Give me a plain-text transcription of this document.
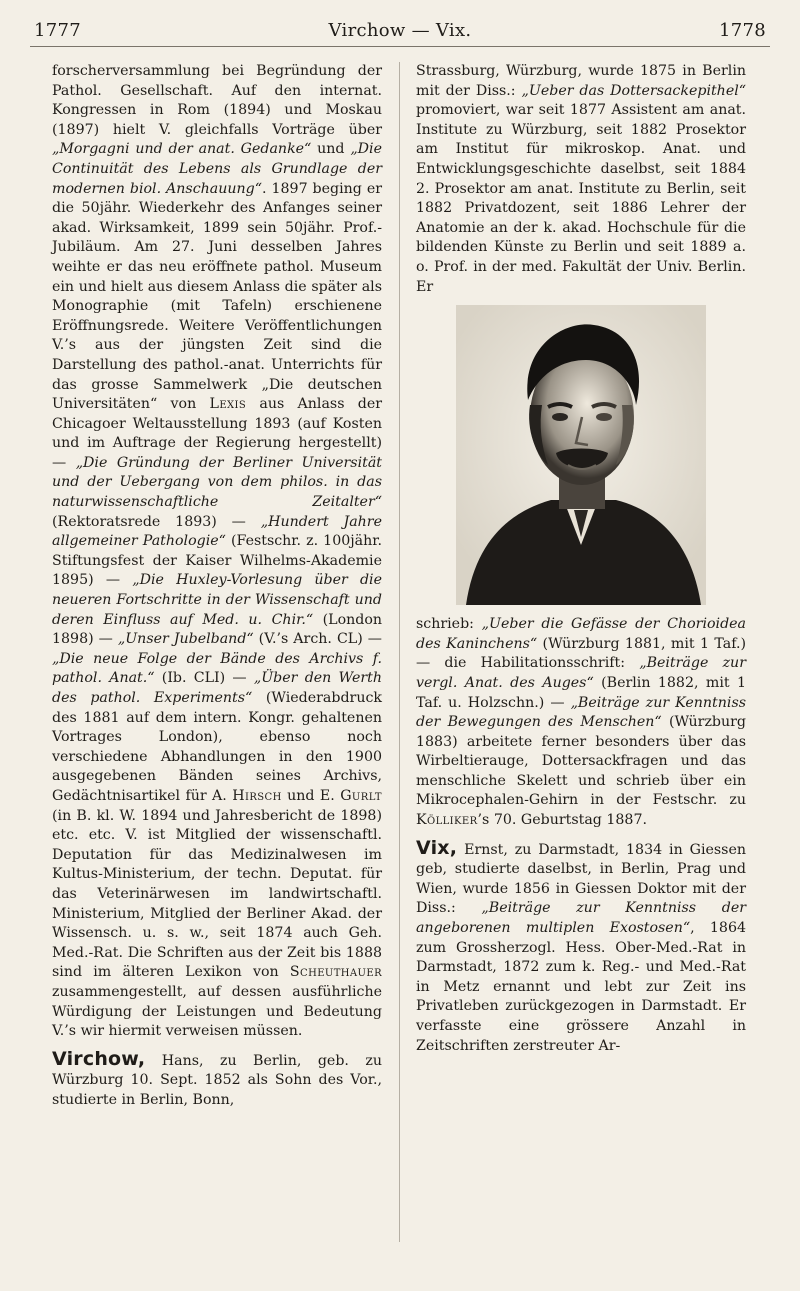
1777	Virchow — Vix.	1778

forscherversammlung bei Begründung der Pathol. Gesellschaft. Auf den internat. Kongressen in Rom (1894) und Moskau (1897) hielt V. gleichfalls Vorträge über „Morgagni und der anat. Gedanke“ und „Die Continuität des Lebens als Grundlage der modernen biol. Anschauung“. 1897 beging er die 50jähr. Wiederkehr des Anfanges seiner akad. Wirksamkeit, 1899 sein 50jähr. Prof.-Jubiläum. Am 27. Juni desselben Jahres weihte er das neu eröffnete pathol. Museum ein und hielt aus diesem Anlass die später als Monographie (mit Tafeln) erschienene Eröffnungsrede. Weitere Veröffentlichungen V.’s aus der jüngsten Zeit sind die Darstellung des pathol.-anat. Unterrichts für das grosse Sammelwerk „Die deutschen Universitäten“ von Lexis aus Anlass der Chicagoer Weltausstellung 1893 (auf Kosten und im Auftrage der Regierung hergestellt) — „Die Gründung der Berliner Universität und der Uebergang von dem philos. in das naturwissenschaftliche Zeitalter“ (Rektoratsrede 1893) — „Hundert Jahre allgemeiner Pathologie“ (Festschr. z. 100jähr. Stiftungsfest der Kaiser Wilhelms-Akademie 1895) — „Die Huxley-Vorlesung über die neueren Fortschritte in der Wissenschaft und deren Einfluss auf Med. u. Chir.“ (London 1898) — „Unser Jubelband“ (V.’s Arch. CL) — „Die neue Folge der Bände des Archivs f. pathol. Anat.“ (Ib. CLI) — „Über den Werth des pathol. Experiments“ (Wiederabdruck des 1881 auf dem intern. Kongr. gehaltenen Vortrages London), ebenso noch verschiedene Abhandlungen in den 1900 ausgegebenen Bänden seines Archivs, Gedächtnisartikel für A. Hirsch und E. Gurlt (in B. kl. W. 1894 und Jahresbericht de 1898) etc. etc. V. ist Mitglied der wissenschaftl. Deputation für das Medizinalwesen im Kultus-Ministerium, der techn. Deputat. für das Veterinärwesen im landwirtschaftl. Ministerium, Mitglied der Berliner Akad. der Wissensch. u. s. w., seit 1874 auch Geh. Med.-Rat. Die Schriften aus der Zeit bis 1888 sind im älteren Lexikon von Scheuthauer zusammengestellt, auf dessen ausführliche Würdigung der Leistungen und Bedeutung V.’s wir hiermit verweisen müssen.

Virchow, Hans, zu Berlin, geb. zu Würzburg 10. Sept. 1852 als Sohn des Vor., studierte in Berlin, Bonn,

Strassburg, Würzburg, wurde 1875 in Berlin mit der Diss.: „Ueber das Dottersackepithel“ promoviert, war seit 1877 Assistent am anat. Institute zu Würzburg, seit 1882 Prosektor am Institut für mikroskop. Anat. und Entwicklungsgeschichte daselbst, seit 1884 2. Prosektor am anat. Institute zu Berlin, seit 1882 Privatdozent, seit 1886 Lehrer der Anatomie an der k. akad. Hochschule für die bildenden Künste zu Berlin und seit 1889 a. o. Prof. in der med. Fakultät der Univ. Berlin. Er

schrieb: „Ueber die Gefässe der Chorioidea des Kaninchens“ (Würzburg 1881, mit 1 Taf.) — die Habilitationsschrift: „Beiträge zur vergl. Anat. des Auges“ (Berlin 1882, mit 1 Taf. u. Holzschn.) — „Beiträge zur Kenntniss der Bewegungen des Menschen“ (Würzburg 1883) arbeitete ferner besonders über das Wirbeltierauge, Dottersackfragen und das menschliche Skelett und schrieb über ein Mikrocephalen-Gehirn in der Festschr. zu Kölliker’s 70. Geburtstag 1887.

Vix, Ernst, zu Darmstadt, 1834 in Giessen geb, studierte daselbst, in Berlin, Prag und Wien, wurde 1856 in Giessen Doktor mit der Diss.: „Beiträge zur Kenntniss der angeborenen multiplen Exostosen“, 1864 zum Grossherzogl. Hess. Ober-Med.-Rat in Darmstadt, 1872 zum k. Reg.- und Med.-Rat in Metz ernannt und lebt zur Zeit ins Privatleben zurückgezogen in Darmstadt. Er verfasste eine grössere Anzahl in Zeitschriften zerstreuter Ar-
